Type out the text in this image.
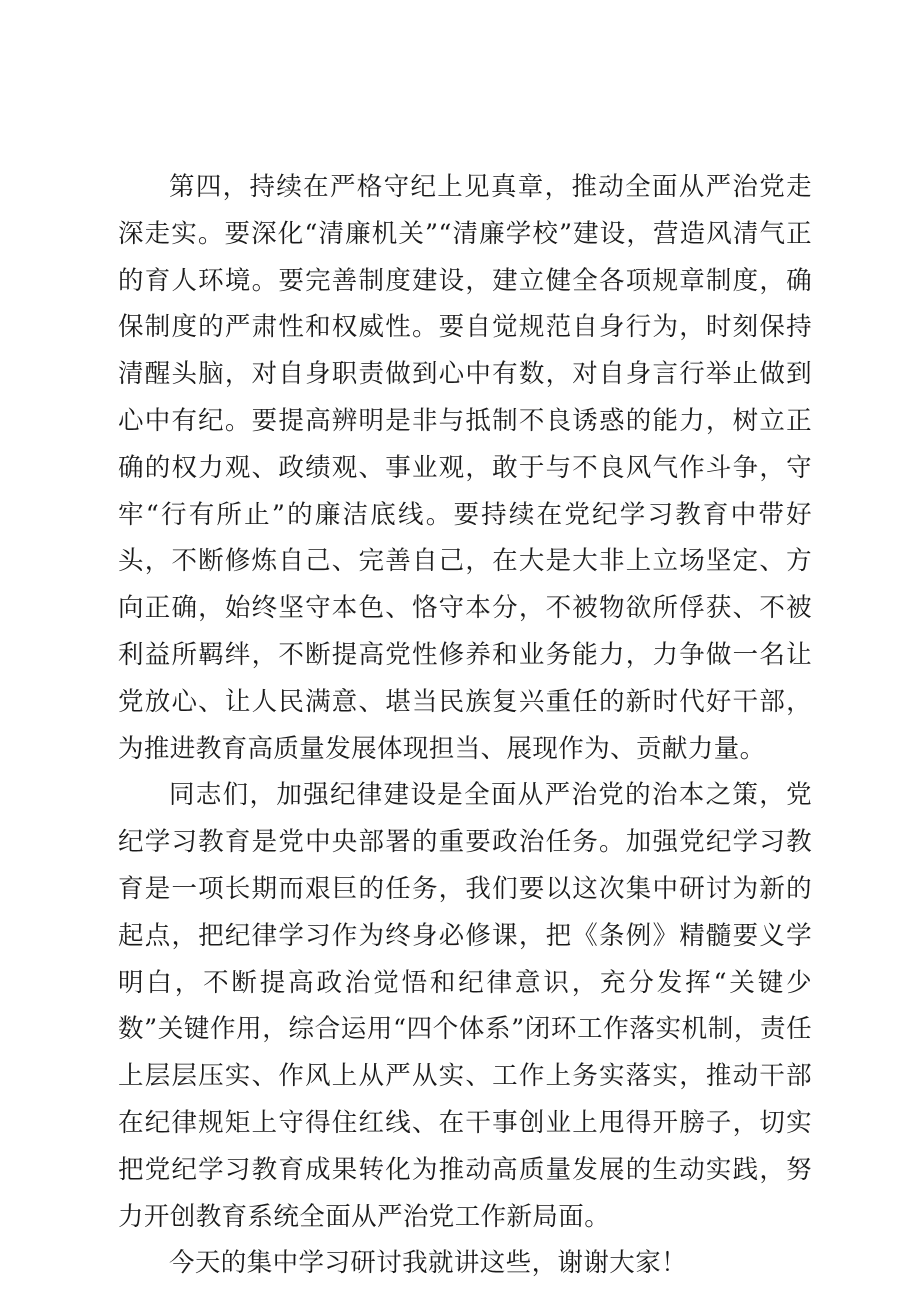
第四，持续在严格守纪上见真章，推动全面从严治党走深走实。要深化“清廉机关”“清廉学校”建设，营造风清气正的育人环境。要完善制度建设，建立健全各项规章制度，确保制度的严肃性和权威性。要自觉规范自身行为，时刻保持清醒头脑，对自身职责做到心中有数，对自身言行举止做到心中有纪。要提高辨明是非与抵制不良诱惑的能力，树立正确的权力观、政绩观、事业观，敢于与不良风气作斗争，守牢“行有所止”的廉洁底线。要持续在党纪学习教育中带好头，不断修炼自己、完善自己，在大是大非上立场坚定、方向正确，始终坚守本色、恪守本分，不被物欲所俘获、不被利益所羁绊，不断提高党性修养和业务能力，力争做一名让党放心、让人民满意、堪当民族复兴重任的新时代好干部，为推进教育高质量发展体现担当、展现作为、贡献力量。

同志们，加强纪律建设是全面从严治党的治本之策，党纪学习教育是党中央部署的重要政治任务。加强党纪学习教育是一项长期而艰巨的任务，我们要以这次集中研讨为新的起点，把纪律学习作为终身必修课，把《条例》精髓要义学明白，不断提高政治觉悟和纪律意识，充分发挥“关键少数”关键作用，综合运用“四个体系”闭环工作落实机制，责任上层层压实、作风上从严从实、工作上务实落实，推动干部在纪律规矩上守得住红线、在干事创业上甩得开膀子，切实把党纪学习教育成果转化为推动高质量发展的生动实践，努力开创教育系统全面从严治党工作新局面。

今天的集中学习研讨我就讲这些，谢谢大家！
